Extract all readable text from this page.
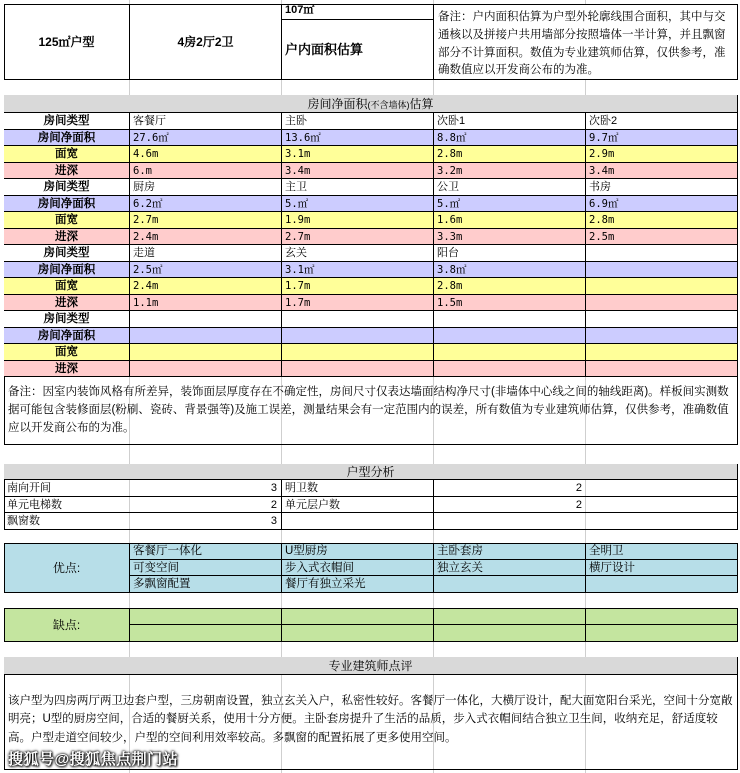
125㎡户型	4房2厅2卫
107㎡
户内面积估算
备注：户内面积估算为户型外轮廓线围合面积，其中与交通核以及拼接户共用墙部分按照墙体一半计算，并且飘窗部分不计算面积。数值为专业建筑师估算，仅供参考，准确数值应以开发商公布的为准。
房间净面积(不含墙体)估算
房间类型	客餐厅	主卧	次卧1	次卧2
房间净面积	27.6㎡	13.6㎡	8.8㎡	9.7㎡
面宽	4.6m	3.1m	2.8m	2.9m
进深	6.m	3.4m	3.2m	3.4m
房间类型	厨房	主卫	公卫	书房
房间净面积	6.2㎡	5.㎡	5.㎡	6.9㎡
面宽	2.7m	1.9m	1.6m	2.8m
进深	2.4m	2.7m	3.3m	2.5m
房间类型	走道	玄关	阳台
房间净面积	2.5㎡	3.1㎡	3.8㎡
面宽	2.4m	1.7m	2.8m
进深	1.1m	1.7m	1.5m
房间类型
房间净面积
面宽
进深
备注：因室内装饰风格有所差异，装饰面层厚度存在不确定性，房间尺寸仅表达墙面结构净尺寸(非墙体中心线之间的轴线距离)。样板间实测数据可能包含装修面层(粉刷、瓷砖、背景强等)及施工误差，测量结果会有一定范围内的误差，所有数值为专业建筑师估算，仅供参考，准确数值应以开发商公布的为准。
户型分析
南向开间	3 明卫数	2
单元电梯数	2 单元层户数	2
飘窗数	3
优点:
客餐厅一体化	U型厨房	主卧套房	全明卫
可变空间	步入式衣帽间	独立玄关	横厅设计
多飘窗配置	餐厅有独立采光
缺点:
专业建筑师点评
该户型为四房两厅两卫边套户型，三房朝南设置，独立玄关入户，私密性较好。客餐厅一体化，大横厅设计，配大面宽阳台采光，空间十分宽敞明亮；U型的厨房空间，合适的餐厨关系，使用十分方便。主卧套房提升了生活的品质，步入式衣帽间结合独立卫生间，收纳充足，舒适度较高。户型走道空间较少，户型的空间利用效率较高。多飘窗的配置拓展了更多使用空间。
搜狐号@搜狐焦点荆门站
